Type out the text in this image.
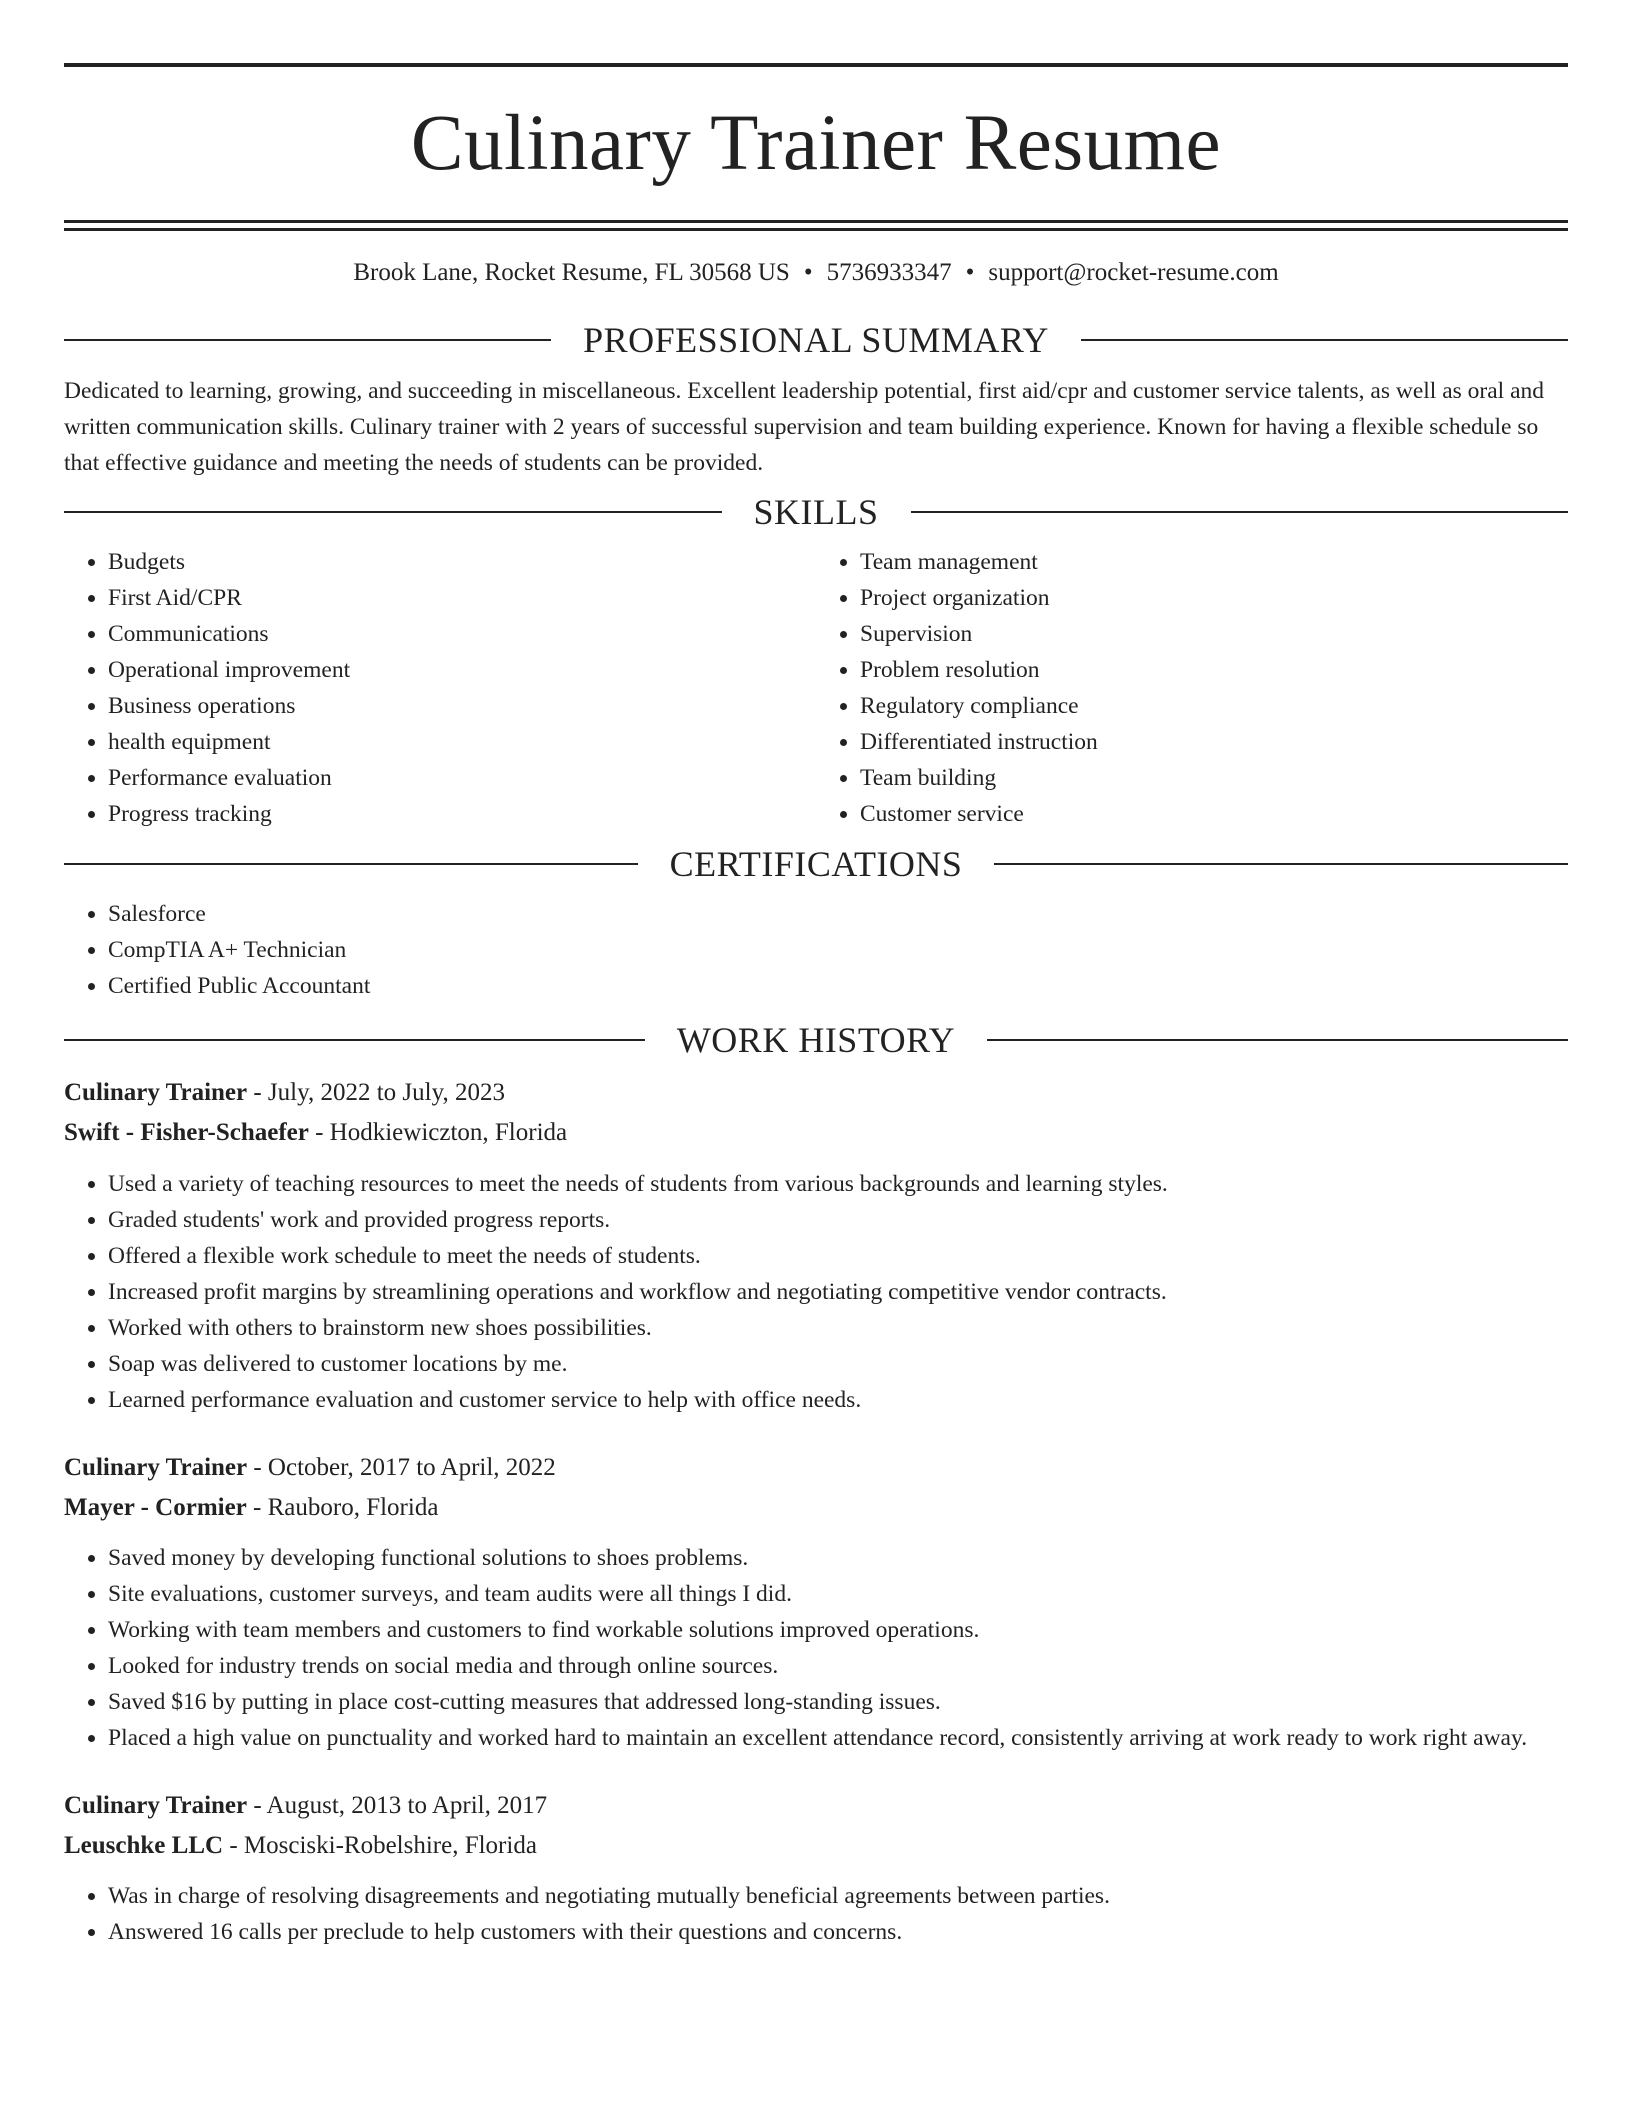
Culinary Trainer Resume
Brook Lane, Rocket Resume, FL 30568 US • 5736933347 • support@rocket-resume.com
PROFESSIONAL SUMMARY

Dedicated to learning, growing, and succeeding in miscellaneous. Excellent leadership potential, first aid/cpr and customer service talents, as well as oral and written communication skills. Culinary trainer with 2 years of successful supervision and team building experience. Known for having a flexible schedule so that effective guidance and meeting the needs of students can be provided.

SKILLS
• Budgets
• First Aid/CPR
• Communications
• Operational improvement
• Business operations
• health equipment
• Performance evaluation
• Progress tracking
• Team management
• Project organization
• Supervision
• Problem resolution
• Regulatory compliance
• Differentiated instruction
• Team building
• Customer service
CERTIFICATIONS
• Salesforce
• CompTIA A+ Technician
• Certified Public Accountant
WORK HISTORY
Culinary Trainer - July, 2022 to July, 2023
Swift - Fisher-Schaefer - Hodkiewiczton, Florida
• Used a variety of teaching resources to meet the needs of students from various backgrounds and learning styles.
• Graded students' work and provided progress reports.
• Offered a flexible work schedule to meet the needs of students.
• Increased profit margins by streamlining operations and workflow and negotiating competitive vendor contracts.
• Worked with others to brainstorm new shoes possibilities.
• Soap was delivered to customer locations by me.
• Learned performance evaluation and customer service to help with office needs.
Culinary Trainer - October, 2017 to April, 2022
Mayer - Cormier - Rauboro, Florida
• Saved money by developing functional solutions to shoes problems.
• Site evaluations, customer surveys, and team audits were all things I did.
• Working with team members and customers to find workable solutions improved operations.
• Looked for industry trends on social media and through online sources.
• Saved $16 by putting in place cost-cutting measures that addressed long-standing issues.
• Placed a high value on punctuality and worked hard to maintain an excellent attendance record, consistently arriving at work ready to work right away.
Culinary Trainer - August, 2013 to April, 2017
Leuschke LLC - Mosciski-Robelshire, Florida
• Was in charge of resolving disagreements and negotiating mutually beneficial agreements between parties.
• Answered 16 calls per preclude to help customers with their questions and concerns.
